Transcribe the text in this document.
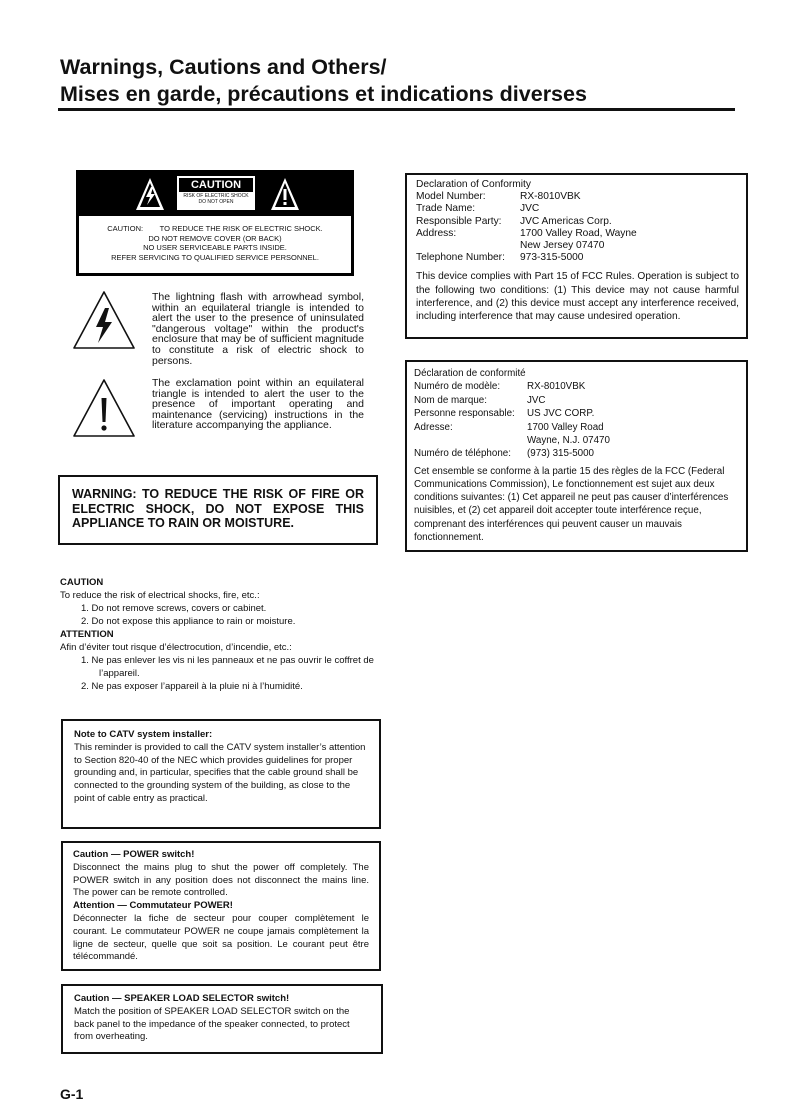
Warnings, Cautions and Others/
Mises en garde, précautions et indications diverses
CAUTION
RISK OF ELECTRIC SHOCK
DO NOT OPEN
CAUTION:        TO REDUCE THE RISK OF ELECTRIC SHOCK.
DO NOT REMOVE COVER (OR BACK)
NO USER SERVICEABLE PARTS INSIDE.
REFER SERVICING TO QUALIFIED SERVICE PERSONNEL.
The lightning flash with arrowhead symbol, within an equilateral triangle is intended to alert the user to the presence of uninsulated "dangerous voltage" within the product's enclosure that may be of sufficient magnitude to constitute a risk of electric shock to persons.
The exclamation point within an equilateral triangle is intended to alert the user to the presence of important operating and maintenance (servicing) instructions in the literature accompanying the appliance.
WARNING: TO REDUCE THE RISK OF FIRE OR ELECTRIC SHOCK, DO NOT EXPOSE THIS APPLIANCE TO RAIN OR MOISTURE.
CAUTION
To reduce the risk of electrical shocks, fire, etc.:
1. Do not remove screws, covers or cabinet.
2. Do not expose this appliance to rain or moisture.
ATTENTION
Afin d’éviter tout risque d’électrocution, d’incendie, etc.:
1. Ne pas enlever les vis ni les panneaux et ne pas ouvrir le coffret de l’appareil.
2. Ne pas exposer l’appareil à la pluie ni à l’humidité.
Note to CATV system installer:
This reminder is provided to call the CATV system installer’s attention to Section 820-40 of the NEC which provides guidelines for proper grounding and, in particular, specifies that the cable ground shall be connected to the grounding system of the building, as close to the point of cable entry as practical.
Caution — POWER switch!
Disconnect the mains plug to shut the power off completely. The POWER switch in any position does not disconnect the mains line. The power can be remote controlled.
Attention — Commutateur POWER!
Déconnecter la fiche de secteur pour couper complètement le courant. Le commutateur POWER ne coupe jamais complètement la ligne de secteur, quelle que soit sa position. Le courant peut être télécommandé.
Caution — SPEAKER LOAD SELECTOR switch!
Match the position of SPEAKER LOAD SELECTOR switch on the back panel to the impedance of the speaker connected, to protect from overheating.
Declaration of Conformity
Model Number:	RX-8010VBK
Trade Name:	JVC
Responsible Party:	JVC Americas Corp.
Address:	1700 Valley Road, Wayne
New Jersey 07470
Telephone Number:	973-315-5000
This device complies with Part 15 of FCC Rules. Operation is subject to the following two conditions: (1) This device may not cause harmful interference, and (2) this device must accept any interference received, including interference that may cause undesired operation.
Déclaration de conformité
Numéro de modèle:	RX-8010VBK
Nom de marque:	JVC
Personne responsable:	US JVC CORP.
Adresse:	1700 Valley Road
Wayne, N.J. 07470
Numéro de téléphone:	(973) 315-5000
Cet ensemble se conforme à la partie 15 des règles de la FCC (Federal Communications Commission), Le fonctionnement est sujet aux deux conditions suivantes: (1) Cet appareil ne peut pas causer d’interférences nuisibles, et (2) cet appareil doit accepter toute interférence reçue, comprenant des interférences qui peuvent causer un mauvais fonctionnement.
G-1
